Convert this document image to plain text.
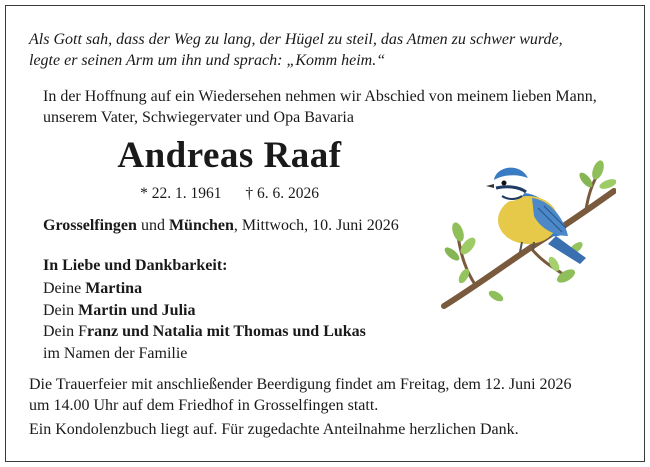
Als Gott sah, dass der Weg zu lang, der Hügel zu steil, das Atmen zu schwer wurde,
legte er seinen Arm um ihn und sprach: „Komm heim.“
In der Hoffnung auf ein Wiedersehen nehmen wir Abschied von meinem lieben Mann,
unserem Vater, Schwiegervater und Opa Bavaria
Andreas Raaf
* 22. 1. 1961 † 6. 6. 2026
Grosselfingen und München, Mittwoch, 10. Juni 2026
In Liebe und Dankbarkeit:
Deine Martina
Dein Martin und Julia
Dein Franz und Natalia mit Thomas und Lukas
im Namen der Familie
Die Trauerfeier mit anschließender Beerdigung findet am Freitag, dem 12. Juni 2026
um 14.00 Uhr auf dem Friedhof in Grosselfingen statt.
Ein Kondolenzbuch liegt auf. Für zugedachte Anteilnahme herzlichen Dank.
